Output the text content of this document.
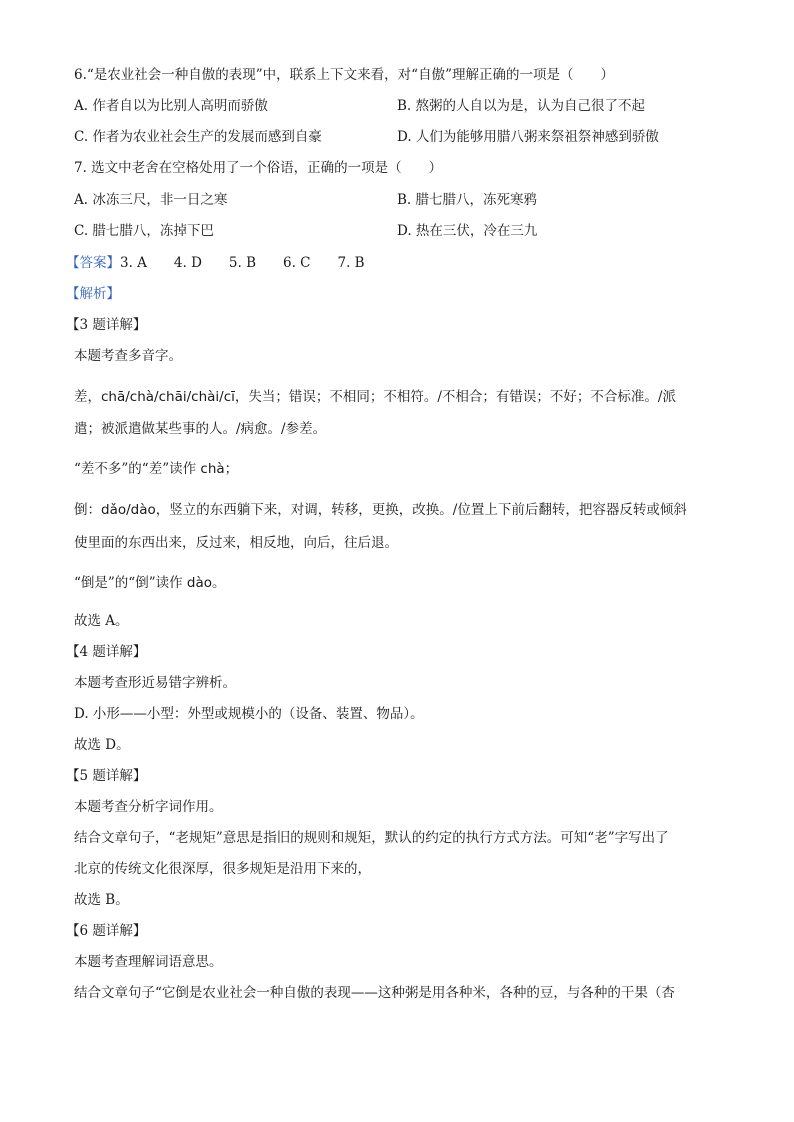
6.“是农业社会一种自傲的表现”中，联系上下文来看，对“自傲”理解正确的一项是（　　）
A. 作者自以为比别人高明而骄傲	B. 熬粥的人自以为是，认为自己很了不起
C. 作者为农业社会生产的发展而感到自豪	D. 人们为能够用腊八粥来祭祖祭神感到骄傲
7. 选文中老舍在空格处用了一个俗语，正确的一项是（　　）
A. 冰冻三尺，非一日之寒	B. 腊七腊八，冻死寒鸦
C. 腊七腊八，冻掉下巴	D. 热在三伏，冷在三九
【答案】3. A　　4. D　　5. B　　6. C　　7. B
【解析】
【3 题详解】
本题考查多音字。
差，chā/chà/chāi/chài/cī，失当；错误；不相同；不相符。/不相合；有错误；不好；不合标准。/派
遣；被派遣做某些事的人。/病愈。/参差。
“差不多”的“差”读作 chà；
倒：dǎo/dào，竖立的东西躺下来，对调，转移，更换，改换。/位置上下前后翻转，把容器反转或倾斜
使里面的东西出来，反过来，相反地，向后，往后退。
“倒是”的“倒”读作 dào。
故选 A。
【4 题详解】
本题考查形近易错字辨析。
D. 小形——小型：外型或规模小的（设备、装置、物品）。
故选 D。
【5 题详解】
本题考查分析字词作用。
结合文章句子，“老规矩”意思是指旧的规则和规矩，默认的约定的执行方式方法。可知“老”字写出了
北京的传统文化很深厚，很多规矩是沿用下来的，
故选 B。
【6 题详解】
本题考查理解词语意思。
结合文章句子“它倒是农业社会一种自傲的表现——这种粥是用各种米，各种的豆，与各种的干果（杏
